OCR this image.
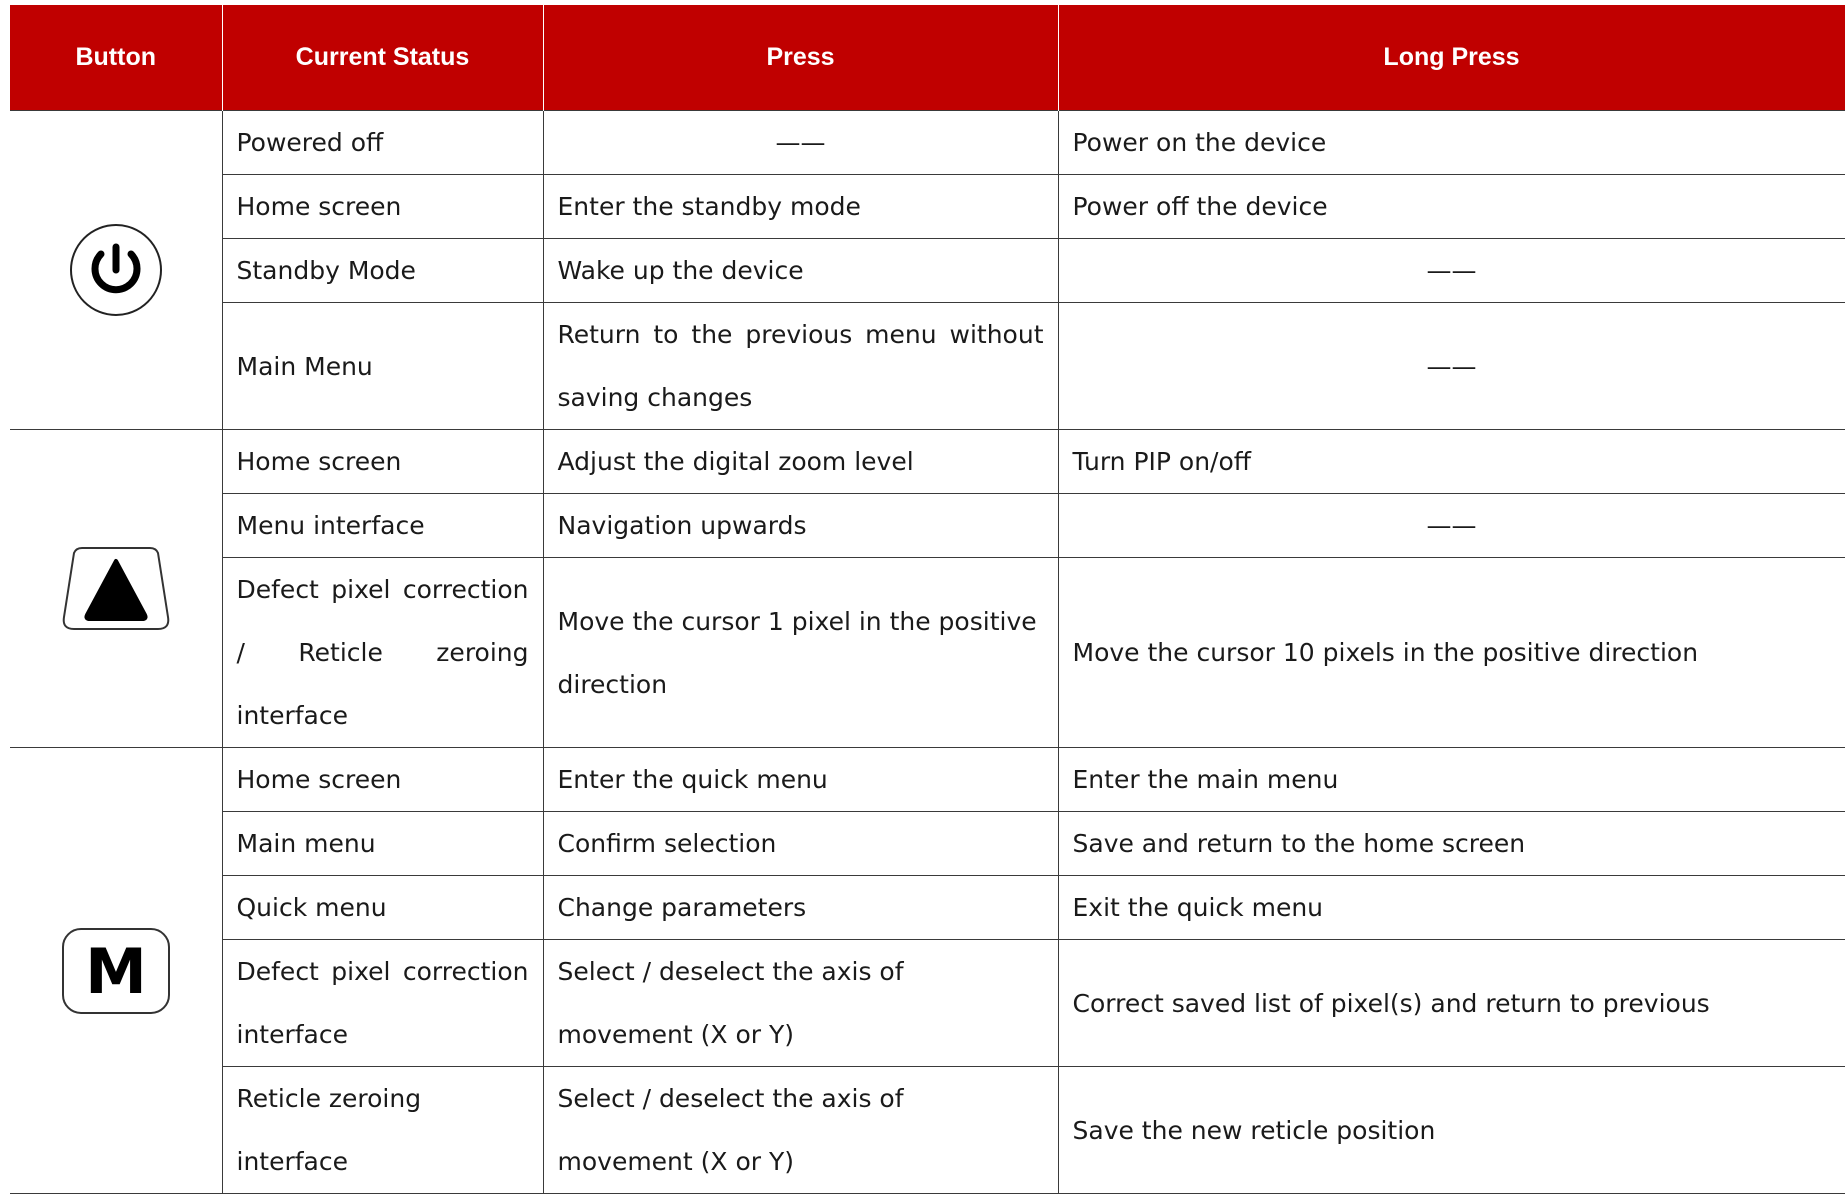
Button	Current Status	Press	Long Press
	Powered off	——	Power on the device
	Home screen	Enter the standby mode	Power off the device
	Standby Mode	Wake up the device	——
	Main Menu	Return to the previous menu without saving changes	——
	Home screen	Adjust the digital zoom level	Turn PIP on/off
	Menu interface	Navigation upwards	——
	Defect pixel correction / Reticle zeroing interface	Move the cursor 1 pixel in the positive direction	Move the cursor 10 pixels in the positive direction

M	Home screen	Enter the quick menu	Enter the main menu
	Main menu	Confirm selection	Save and return to the home screen
	Quick menu	Change parameters	Exit the quick menu
	Defect pixel correction interface	Select / deselect the axis of movement (X or Y)	Correct saved list of pixel(s) and return to previous
	Reticle zeroing interface	Select / deselect the axis of movement (X or Y)	Save the new reticle position
